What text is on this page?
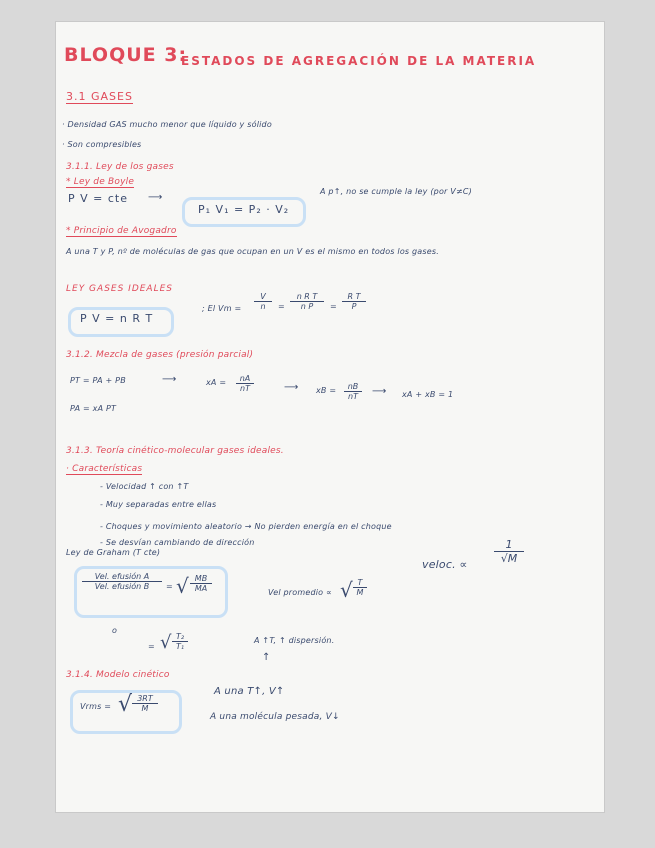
BLOQUE 3:
ESTADOS DE AGREGACIÓN DE LA MATERIA
3.1 GASES
· Densidad GAS mucho menor que líquido y sólido
· Son compresibles
3.1.1. Ley de los gases
* Ley de Boyle
P V = cte ⟶
P₁ V₁ = P₂ · V₂
A p↑, no se cumple la ley (por V≠C)
* Principio de Avogadro
A una T y P, nº de moléculas de gas que ocupan en un V es el mismo en todos los gases.
LEY GASES IDEALES
P V = n R T
; El $Vm = \frac{V}{n} = \frac{\text{n R T}}{\text{n P}} = \frac{\text{R T}}{P}$
3.1.2. Mezcla de gases (presión parcial)
PT = PA + PB	⟶	xA = $\frac{nA}{nT}$	⟶ xB = $\frac{nB}{nT}$ ⟶ xA + xB = 1
PA = xA PT
3.1.3. Teoría cinético-molecular gases ideales.
· Características
- Velocidad ↑ con ↑T
- Muy separadas entre ellas
- Choques y movimiento aleatorio → No pierden energía en el choque
- Se desvían cambiando de dirección
Ley de Graham (T cte)
Vel. efusión A
Vel. efusión B	= √ $\frac{MB}{MA}$	Vel promedio ∝ √ $\frac{T}{M}$
veloc. ∝ $\frac{1}{√M}$
o
= √ $\frac{\text{T₂}}{\text{T₁}}$	A ↑T, ↑ dispersión.
↑
3.1.4. Modelo cinético
Vrms = √ $\frac{3RT}{M}$
A una T↑, V↑
A una molécula pesada, V↓
